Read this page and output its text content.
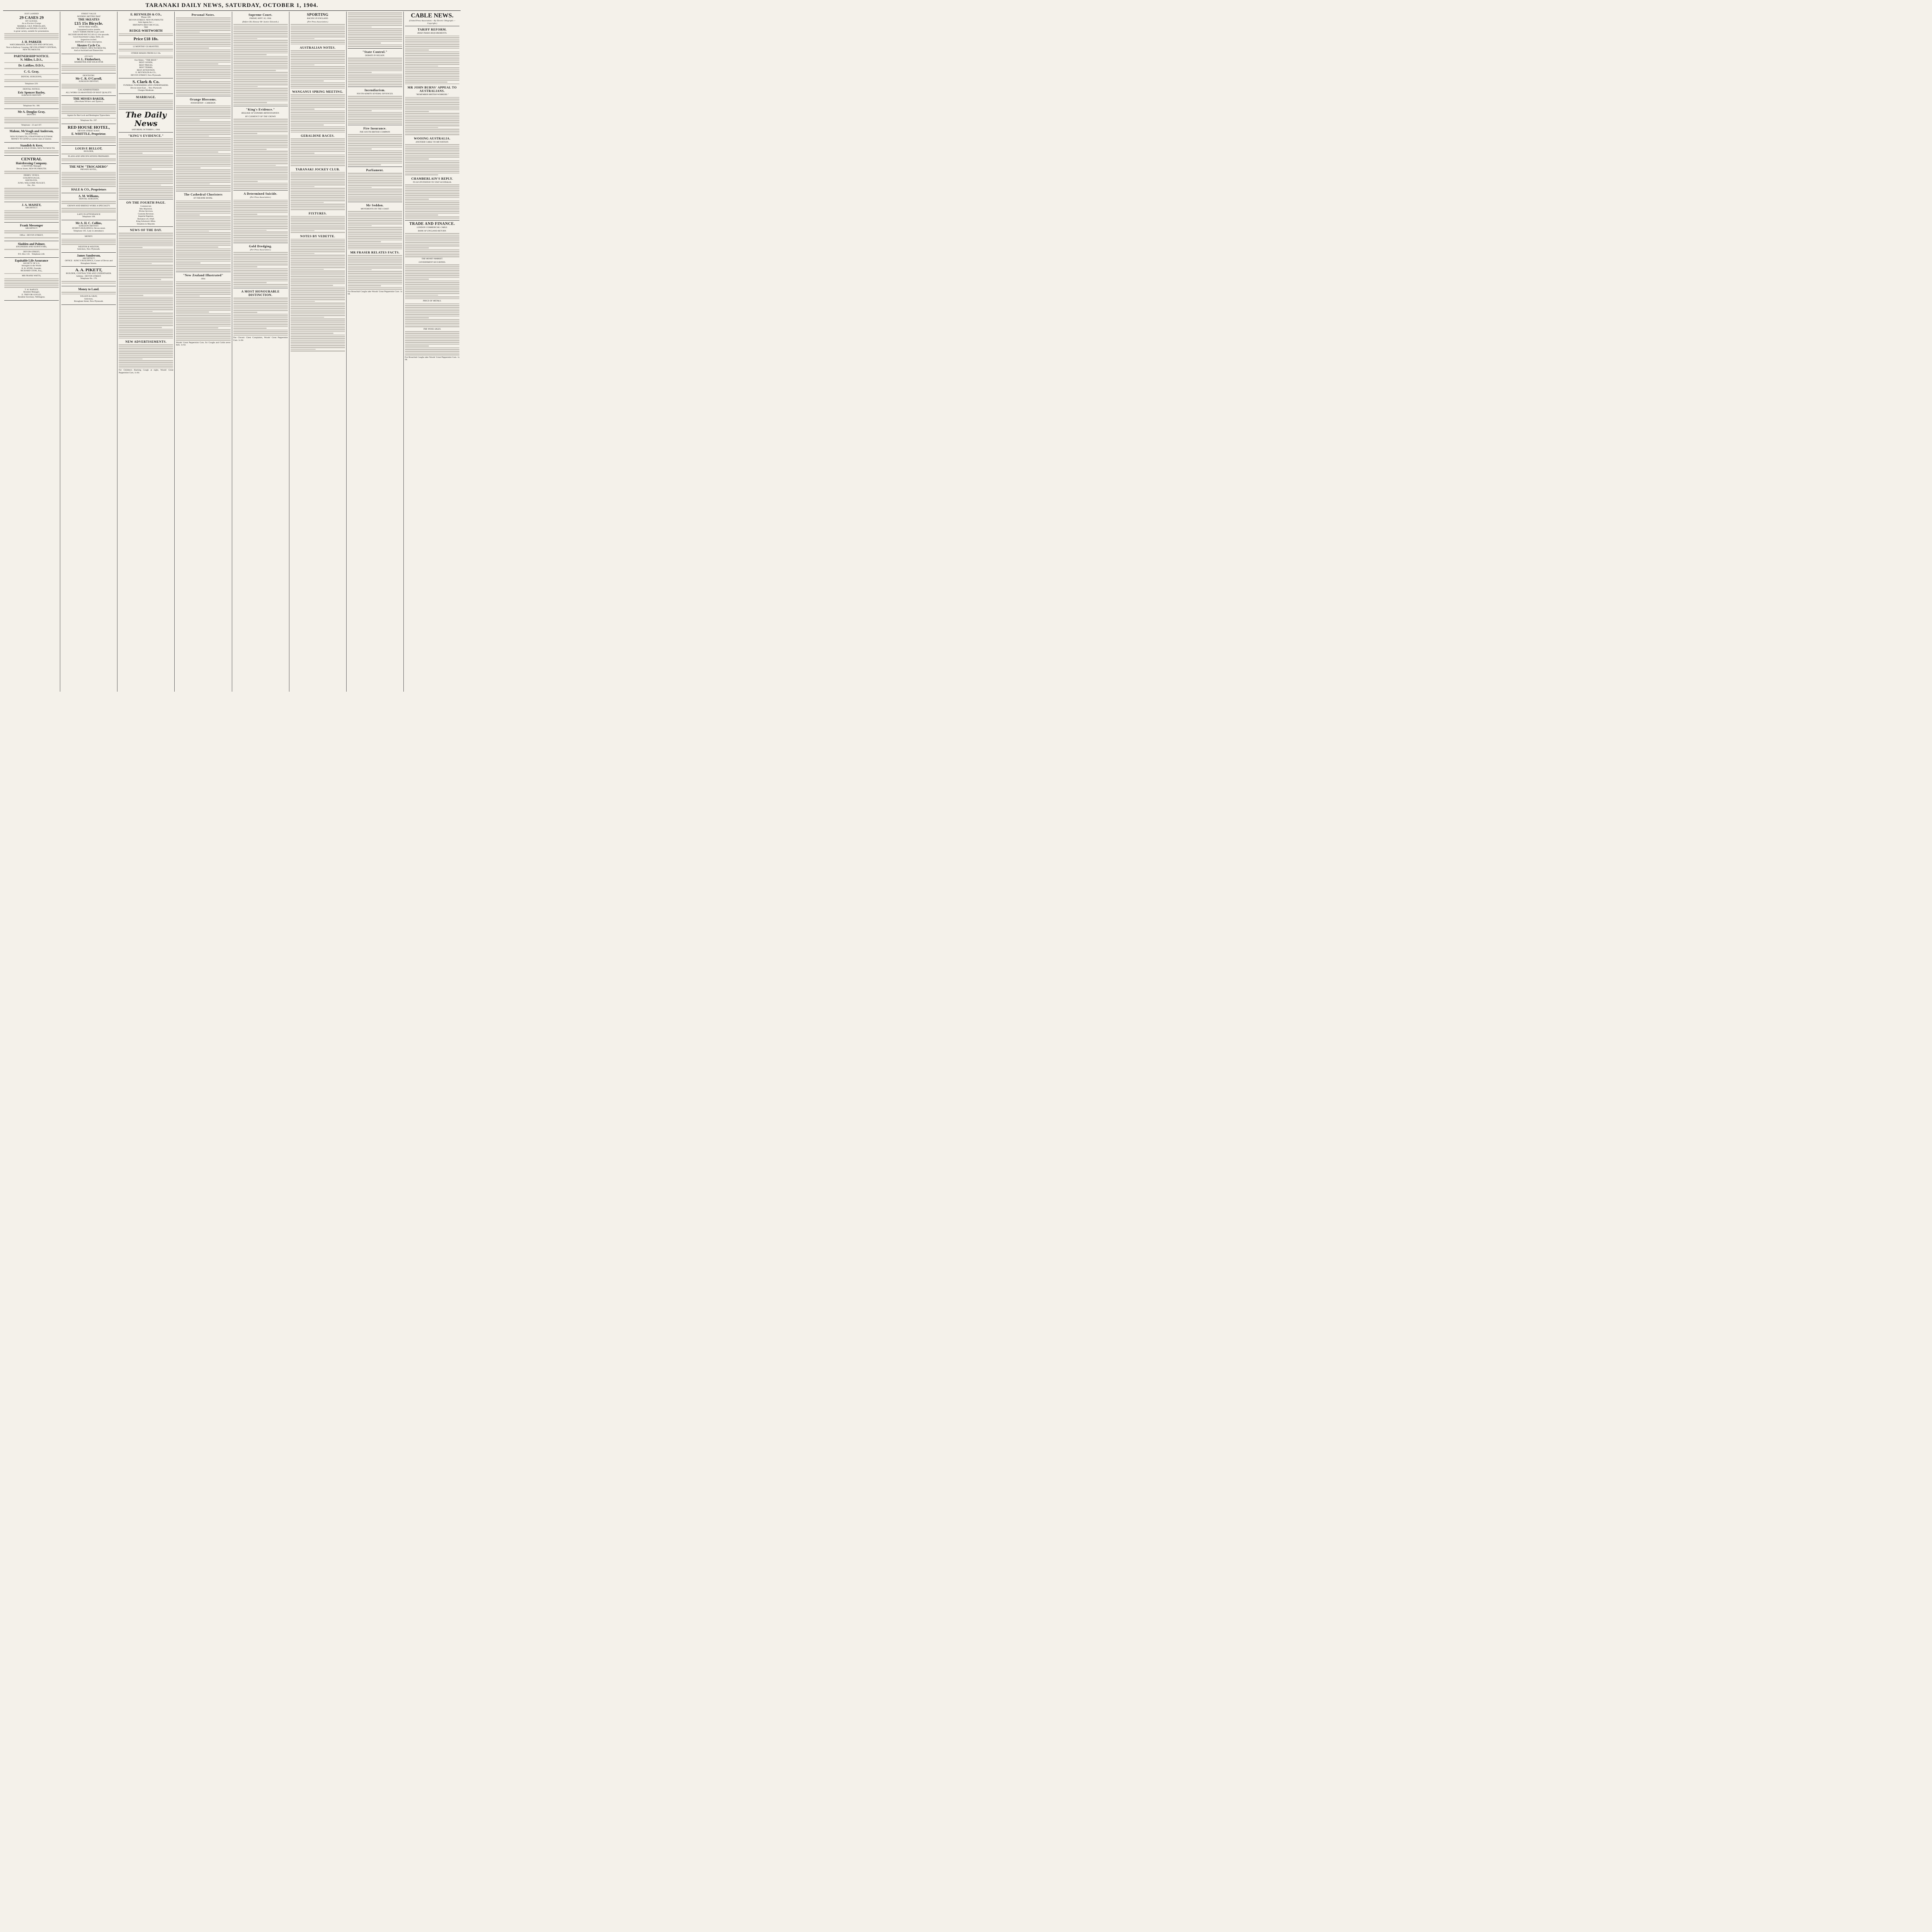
TARANAKI DAILY NEWS, SATURDAY, OCTOBER 1, 1904.
JUST LANDED
29 CASES 29
OF CLOCKS.
As ex Everton Grange
MARBLE, GILT, PORCELAIN,
WOODEN and NICKEL CLOCKS
in great variety, suitable for presentation.
J. H. PARKER
WATCHMAKER, JEWELLER AND OPTICIAN,
Next to Railway Crossing, DEVON-STREET CENTRAL, NEW PLYMOUTH.
PARTNERSHIP NOTICE.
N. Miller, L.D.S.,
Dr. Laidlaw, D.D.S.,
C. G. Gray,
DENTAL SURGEONS,
Telephone 229.
DENTAL NOTICE.
Eric Spencer Bayley,
SURGEON DENTIST.
Telephone No. 180.
Mr A. Douglas Gray,
DENTIST.
Telephone : 23 and 107.
Malone, McVeagh and Anderson,
SOLICITORS,
NEW PLYMOUTH, STRATFORD & ELTHAM.
MONEY TO LEND at current rates of interest.
Standish & Kerr,
BARRISTERS & SOLICITORS, NEW PLYMOUTH.
CENTRAL
Hairdressing Company.
J. HUNTER, Manager.
Devon Street, NEW PLYMOUTH.
DERBY, VENUS.
GOLDEN EAGLE,
HAVELOCK,
JUNO, WELCOME NUGGET,
Etc., Etc.
J. A. MAISEY,
ARCHITECT.
Frank Messenger
ARCHITECT.
Office : DEVON STREET,
Sladden and Palmer,
ENGINEERS AND SURVEYORS,
DEVON-STREET,
P.O. Box 116. Telephone 240.
Equitable Life Assurance
SOCIETY OF U.S.
Strongest in the World.
H. B. HYDE, Founder,
RICHARD COOK, Esq.,
MR FRANK WATTS,
T. W. RAPLEY,
Resident Manager,
E. TREVOR GOULD,
Resident Secretary, Wellington.
FINEST VALUE
NOTHING BETTER THAT
THE SKEATES
£15 15s Bicycle.
WITH FREE WHEEL.
Guaranteed twelve months.
EASY TERMS FROM 5s per week
SECOND HAND BICYCLES £2 10s upwards.
Good Assortment Lamps, Bells, etc.
Inspection invited.
REPAIRS of every description.
Skeates Cycle Co.
DEVON STREET, NEW PLYMOUTH,
And at Auckland and Dannevirke.
(A Card.)
W. L. Fitzherbert,
BARRISTER AND SOLICITOR
DENTISTRY.
Mr C. R. O'Carroll,
SURGEON DENTIST,
GAS ADMINISTERED.
ALL WORK GUARANTEED OF BEST QUALITY.
THE MISSES BAKER,
(Shorthand Writers and Typists.)
Agents for Bar-Lock and Remington Typewriters.
Telephone No. 297.
RED HOUSE HOTEL,
DEVON STREET EAST.
E. WHITTLE, Proprietor.
LOUIS F. BULLOT,
BUILDER,
PLANS AND SPECIFICATIONS PREPARED.
THE NEW "TROCADERO"
PRIVATE HOTEL,
HALE & CO., Proprietors
A. M. Williams,
DENTAL SURGEON,
CROWN AND BRIDGE WORK A SPECIALTY.
LADY IN ATTENDANCE
Telephone 168.
Mr A. H. C. Collins,
SURGEON DENTIST.
AVERY'S BUILDINGS, Devon-street.
Telephone 185. Lady in attendance.
MONEY.
WESTON & WESTON,
Solicitors, New Plymouth.
James Sanderson,
ARCHITECT.
OFFICE : KING'S BUILDINGS, Corner of Devon and Brougham Streets.
A. A. PIKETT,
BUILDER, CONTRACTOR AND UNDERTAKER.
Address : DEVON STREET.
Telephone No. 176.
Money to Land.
WILSON & GRAY,
Solicitors,
Brougham Street, New Plymouth.
E. REYNOLDS & CO.,
'Phone 109.
DEVON-STREET, NEW PLYMOUTH
Sole Agents for—
BRITAIN'S BEST BICYCLE,
THE
RUDGE-WHITWORTH
Price £18 18s.
12 MONTHS' GUARANTEE.
OTHER MAKES FROM £12 10s.
Our Motto : "THE BEST."
BEST GOODS,
BEST PRICES,
BEST TERMS,
BEST ATTENTION.
E. REYNOLDS & CO.,
DEVON STREET, New Plymouth.
S. Clark & Co.
FUNERAL FURNISHERS AND UNDERTAKERS.
Devon-street East ... New Plymouth
Charges Moderate.
MARRIAGE.
The Daily News
SATURDAY, OCTOBER 1, 1904.
"KING'S EVIDENCE."
ON THE FOURTH PAGE.
Commercial.
Mrs Maybrick.
Divine Services.
Customs Revenue.
Imperial Baptism.
Romance of a Waif.
King Solomon's Mine.
Situation in Mayotte.
NEWS OF THE DAY.
NEW ADVERTISEMENTS.
For Children's Hacking Cough at night, Woods' Great Peppermint Cure, 1s 6d.
Personal Notes.
Orange Blossoms.
NOSWORTHY—CAMERON.
The Cathedral Choristers
AT THEATRE ROYAL.
"New Zealand Illustrated"
1904.
Woods' Great Peppermint Cure, for Coughs and Colds never fails. 1s 6d.
Supreme Court.
FRIDAY, SEPT. 30, 1904.
(Before His Honour Mr Justice Edwards.)
"King's Evidence."
RELEASE OF EDWARD ARTHUR RAVEN.
BY CLEMENCY OF THE CROWN
A Determined Suicide.
(Per Press Association.)
Gold Dredging.
(Per Press Association.)
A MOST HONOURABLE DISTINCTION.
Our Chronic Chest Complaints, Woods' Great Peppermint Cure. 1s 6d.
SPORTING
RACING IN ENGLAND.
(Per Press Association.)
AUSTRALIAN NOTES.
WANGANUI SPRING MEETING.
GERALDINE RACES.
TARANAKI JOCKEY CLUB.
FIXTURES.
NOTES BY VEDETTE.
"State Control."
DEBATE IN NELSON.
Incendiarism.
YOUTH ADMITS SEVERAL OFFENCES.
Fire Insurance.
THE SOUTH BRITISH COMPANY.
Parliament.
Mr Seddon.
MOVEMENTS ON THE COAST.
MR FRASER RELATES FACTS.
For Bronchial Coughs take Woods' Great Peppermint Cure. 1s 6d.
CABLE NEWS.
(United Press Association.—By Electric Telegraph.—Copyright.)
TARIFF REFORM.
IRISH TRADE REQUIREMENTS.
MR JOHN BURNS' APPEAL TO AUSTRALIANS.
"REMEMBER BRITISH WORKERS."
WOOING AUSTRALIA.
ANOTHER CABLE TO MR WATSON.
CHAMBERLAIN'S REPLY.
TO AN INVITATION TO VISIT AUSTRALIA.
TRADE AND FINANCE.
LONDON COMMERCIAL CABLE.
BANK OF ENGLAND RETURN.
THE MONEY MARKET.
GOVERNMENT SECURITIES.
PRICE OF METALS.
THE WOOL SALES.
For Bronchial Coughs take Woods' Great Peppermint Cure. 1s 6d.
